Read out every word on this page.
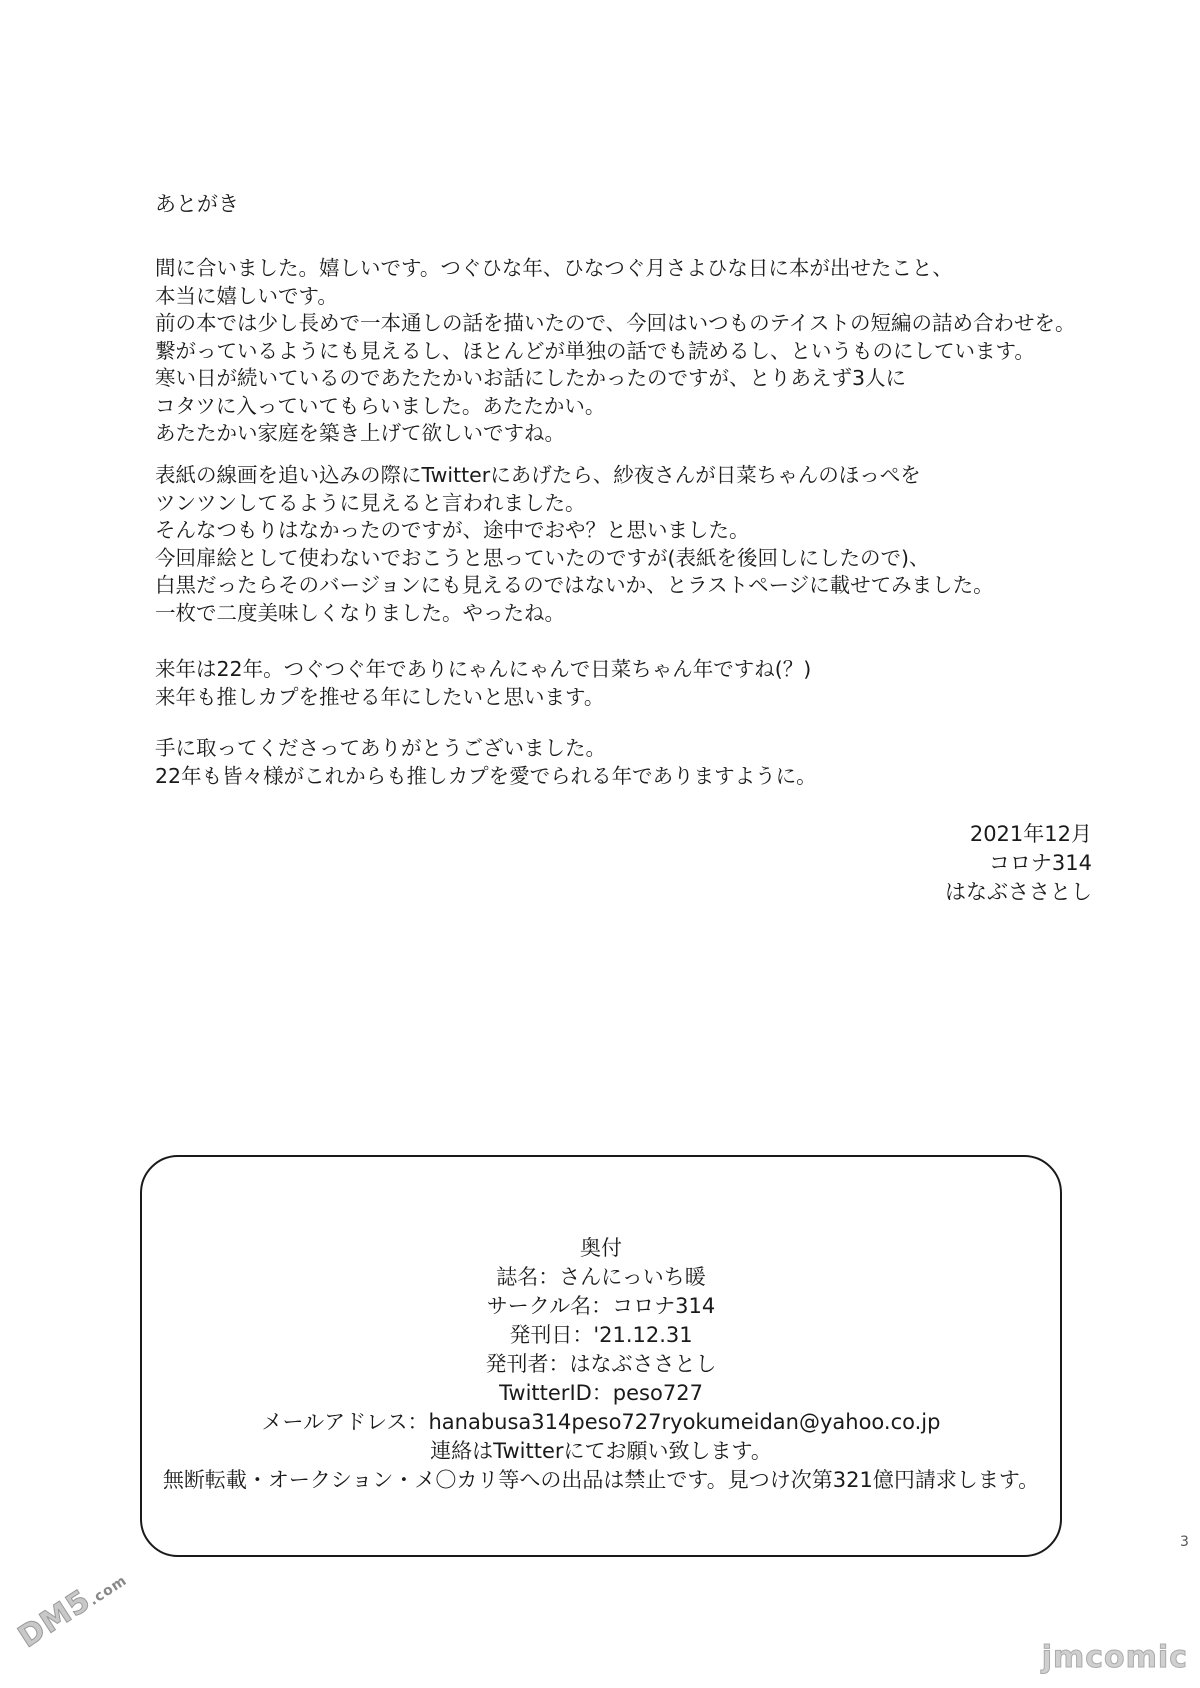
あとがき
間に合いました。嬉しいです。つぐひな年、ひなつぐ月さよひな日に本が出せたこと、
本当に嬉しいです。
前の本では少し長めで一本通しの話を描いたので、今回はいつものテイストの短編の詰め合わせを。
繋がっているようにも見えるし、ほとんどが単独の話でも読めるし、というものにしています。
寒い日が続いているのであたたかいお話にしたかったのですが、とりあえず3人に
コタツに入っていてもらいました。あたたかい。
あたたかい家庭を築き上げて欲しいですね。
表紙の線画を追い込みの際にTwitterにあげたら、紗夜さんが日菜ちゃんのほっぺを
ツンツンしてるように見えると言われました。
そんなつもりはなかったのですが、途中でおや？と思いました。
今回扉絵として使わないでおこうと思っていたのですが(表紙を後回しにしたので)、
白黒だったらそのバージョンにも見えるのではないか、とラストページに載せてみました。
一枚で二度美味しくなりました。やったね。
来年は22年。つぐつぐ年でありにゃんにゃんで日菜ちゃん年ですね(？)
来年も推しカプを推せる年にしたいと思います。
手に取ってくださってありがとうございました。
22年も皆々様がこれからも推しカプを愛でられる年でありますように。
2021年12月
コロナ314
はなぶささとし
奥付
誌名：さんにっいち暖
サークル名：コロナ314
発刊日：'21.12.31
発刊者：はなぶささとし
TwitterID：peso727
メールアドレス：hanabusa314peso727ryokumeidan@yahoo.co.jp
連絡はTwitterにてお願い致します。
無断転載・オークション・メ〇カリ等への出品は禁止です。見つけ次第321億円請求します。
3
DM5.com
jmcomic
